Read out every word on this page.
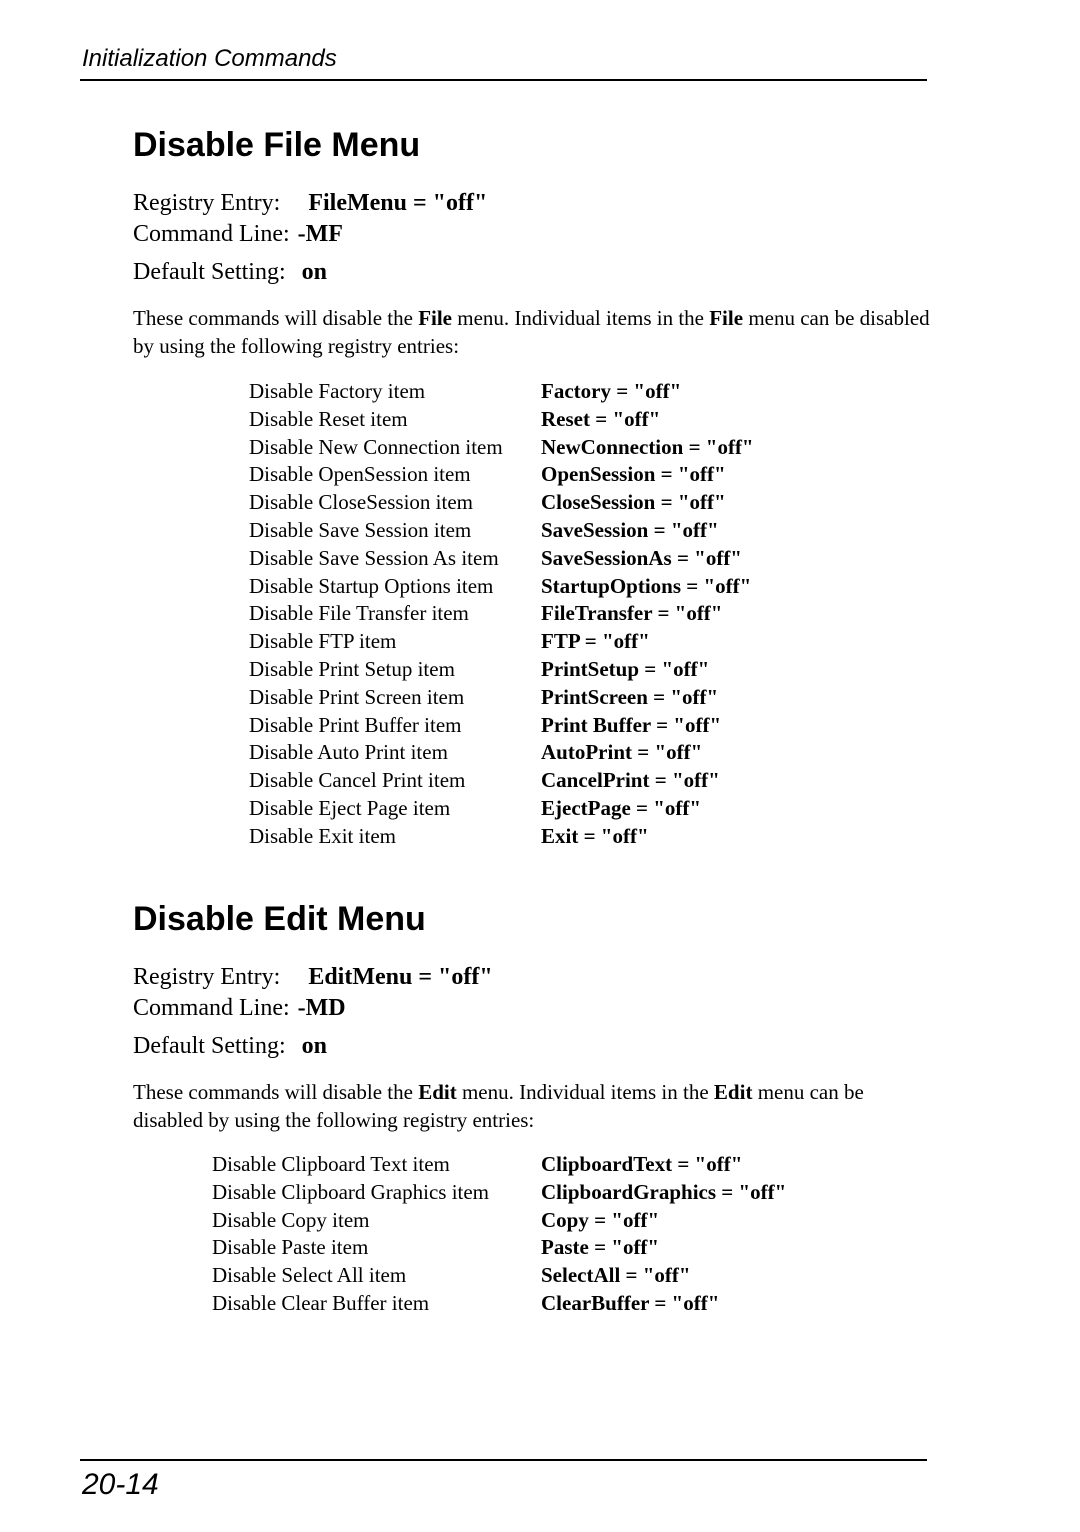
Initialization Commands
Disable File Menu
Registry Entry: FileMenu = "off"
Command Line: -MF
Default Setting: on
These commands will disable the File menu. Individual items in the File menu can be disabled by using the following registry entries:
Disable Factory item	Factory = "off"
Disable Reset item	Reset = "off"
Disable New Connection item NewConnection = "off"
Disable OpenSession item	OpenSession = "off"
Disable CloseSession item	CloseSession = "off"
Disable Save Session item	SaveSession = "off"
Disable Save Session As item SaveSessionAs = "off"
Disable Startup Options item StartupOptions = "off"
Disable File Transfer item	FileTransfer = "off"
Disable FTP item	FTP = "off"
Disable Print Setup item	PrintSetup = "off"
Disable Print Screen item	PrintScreen = "off"
Disable Print Buffer item	Print Buffer = "off"
Disable Auto Print item	AutoPrint = "off"
Disable Cancel Print item	CancelPrint = "off"
Disable Eject Page item	EjectPage = "off"
Disable Exit item	Exit = "off"
Disable Edit Menu
Registry Entry: EditMenu = "off"
Command Line: -MD
Default Setting: on
These commands will disable the Edit menu. Individual items in the Edit menu can be disabled by using the following registry entries:
Disable Clipboard Text item	ClipboardText = "off"
Disable Clipboard Graphics item ClipboardGraphics = "off"
Disable Copy item	Copy = "off"
Disable Paste item	Paste = "off"
Disable Select All item	SelectAll = "off"
Disable Clear Buffer item	ClearBuffer = "off"
20-14
